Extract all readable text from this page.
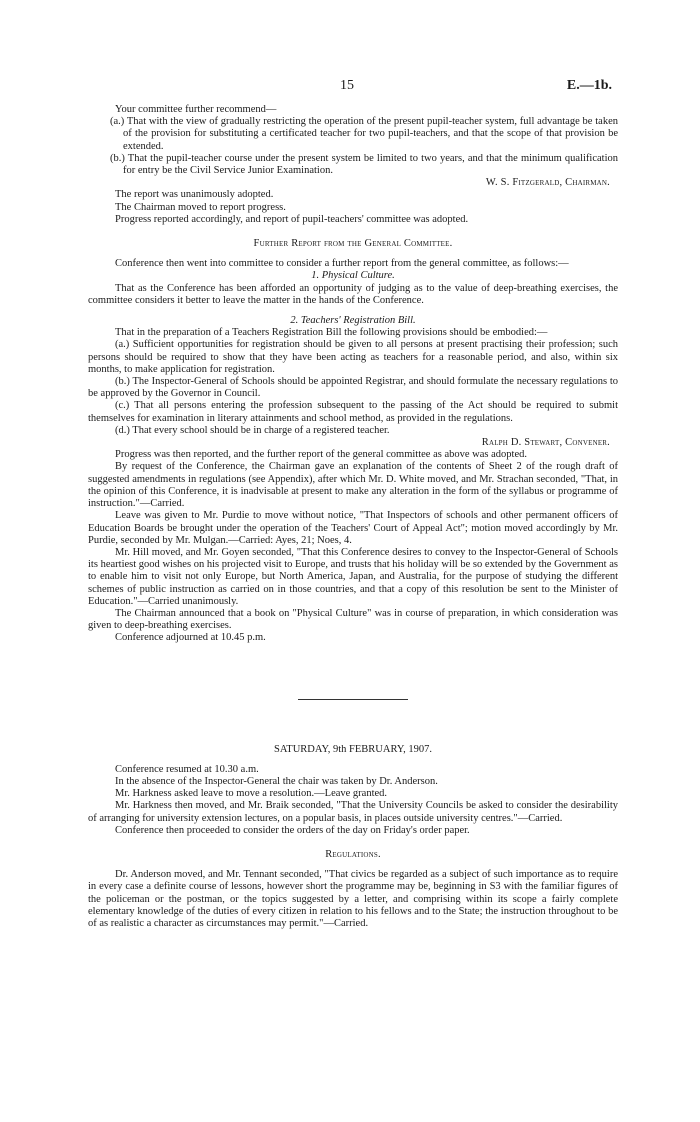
15	E.—1b.

Your committee further recommend—

(a.) That with the view of gradually restricting the operation of the present pupil-teacher system, full advantage be taken of the provision for substituting a certificated teacher for two pupil-teachers, and that the scope of that provision be extended.

(b.) That the pupil-teacher course under the present system be limited to two years, and that the minimum qualification for entry be the Civil Service Junior Examination.

W. S. Fitzgerald, Chairman.

The report was unanimously adopted.

The Chairman moved to report progress.

Progress reported accordingly, and report of pupil-teachers' committee was adopted.

Further Report from the General Committee.

Conference then went into committee to consider a further report from the general committee, as follows:—

1. Physical Culture.

That as the Conference has been afforded an opportunity of judging as to the value of deep-breathing exercises, the committee considers it better to leave the matter in the hands of the Conference.

2. Teachers' Registration Bill.

That in the preparation of a Teachers Registration Bill the following provisions should be embodied:—

(a.) Sufficient opportunities for registration should be given to all persons at present practising their profession; such persons should be required to show that they have been acting as teachers for a reasonable period, and also, within six months, to make application for registration.

(b.) The Inspector-General of Schools should be appointed Registrar, and should formulate the necessary regulations to be approved by the Governor in Council.

(c.) That all persons entering the profession subsequent to the passing of the Act should be required to submit themselves for examination in literary attainments and school method, as provided in the regulations.

(d.) That every school should be in charge of a registered teacher.

Ralph D. Stewart, Convener.

Progress was then reported, and the further report of the general committee as above was adopted.

By request of the Conference, the Chairman gave an explanation of the contents of Sheet 2 of the rough draft of suggested amendments in regulations (see Appendix), after which Mr. D. White moved, and Mr. Strachan seconded, "That, in the opinion of this Conference, it is inadvisable at present to make any alteration in the form of the syllabus or programme of instruction."—Carried.

Leave was given to Mr. Purdie to move without notice, "That Inspectors of schools and other permanent officers of Education Boards be brought under the operation of the Teachers' Court of Appeal Act"; motion moved accordingly by Mr. Purdie, seconded by Mr. Mulgan.—Carried: Ayes, 21; Noes, 4.

Mr. Hill moved, and Mr. Goyen seconded, "That this Conference desires to convey to the Inspector-General of Schools its heartiest good wishes on his projected visit to Europe, and trusts that his holiday will be so extended by the Government as to enable him to visit not only Europe, but North America, Japan, and Australia, for the purpose of studying the different schemes of public instruction as carried on in those countries, and that a copy of this resolution be sent to the Minister of Education."—Carried unanimously.

The Chairman announced that a book on "Physical Culture" was in course of preparation, in which consideration was given to deep-breathing exercises.

Conference adjourned at 10.45 p.m.

SATURDAY, 9th FEBRUARY, 1907.

Conference resumed at 10.30 a.m.

In the absence of the Inspector-General the chair was taken by Dr. Anderson.

Mr. Harkness asked leave to move a resolution.—Leave granted.

Mr. Harkness then moved, and Mr. Braik seconded, "That the University Councils be asked to consider the desirability of arranging for university extension lectures, on a popular basis, in places outside university centres."—Carried.

Conference then proceeded to consider the orders of the day on Friday's order paper.

Regulations.

Dr. Anderson moved, and Mr. Tennant seconded, "That civics be regarded as a subject of such importance as to require in every case a definite course of lessons, however short the programme may be, beginning in S3 with the familiar figures of the policeman or the postman, or the topics suggested by a letter, and comprising within its scope a fairly complete elementary knowledge of the duties of every citizen in relation to his fellows and to the State; the instruction throughout to be of as realistic a character as circumstances may permit."—Carried.
